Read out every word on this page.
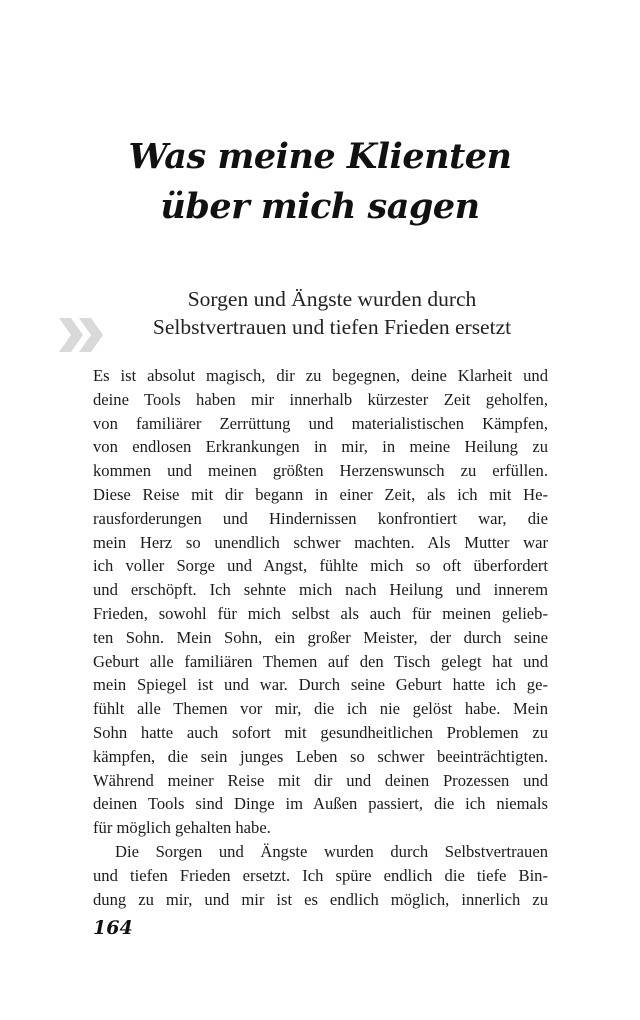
Was meine Klienten
über mich sagen
Sorgen und Ängste wurden durch
Selbstvertrauen und tiefen Frieden ersetzt
Es ist absolut magisch, dir zu begegnen, deine Klarheit und
deine Tools haben mir innerhalb kürzester Zeit geholfen,
von familiärer Zerrüttung und materialistischen Kämpfen,
von endlosen Erkrankungen in mir, in meine Heilung zu
kommen und meinen größten Herzenswunsch zu erfüllen.
Diese Reise mit dir begann in einer Zeit, als ich mit He-
rausforderungen und Hindernissen konfrontiert war, die
mein Herz so unendlich schwer machten. Als Mutter war
ich voller Sorge und Angst, fühlte mich so oft überfordert
und erschöpft. Ich sehnte mich nach Heilung und innerem
Frieden, sowohl für mich selbst als auch für meinen gelieb-
ten Sohn. Mein Sohn, ein großer Meister, der durch seine
Geburt alle familiären Themen auf den Tisch gelegt hat und
mein Spiegel ist und war. Durch seine Geburt hatte ich ge-
fühlt alle Themen vor mir, die ich nie gelöst habe. Mein
Sohn hatte auch sofort mit gesundheitlichen Problemen zu
kämpfen, die sein junges Leben so schwer beeinträchtigten.
Während meiner Reise mit dir und deinen Prozessen und
deinen Tools sind Dinge im Außen passiert, die ich niemals
für möglich gehalten habe.
Die Sorgen und Ängste wurden durch Selbstvertrauen
und tiefen Frieden ersetzt. Ich spüre endlich die tiefe Bin-
dung zu mir, und mir ist es endlich möglich, innerlich zu
164
